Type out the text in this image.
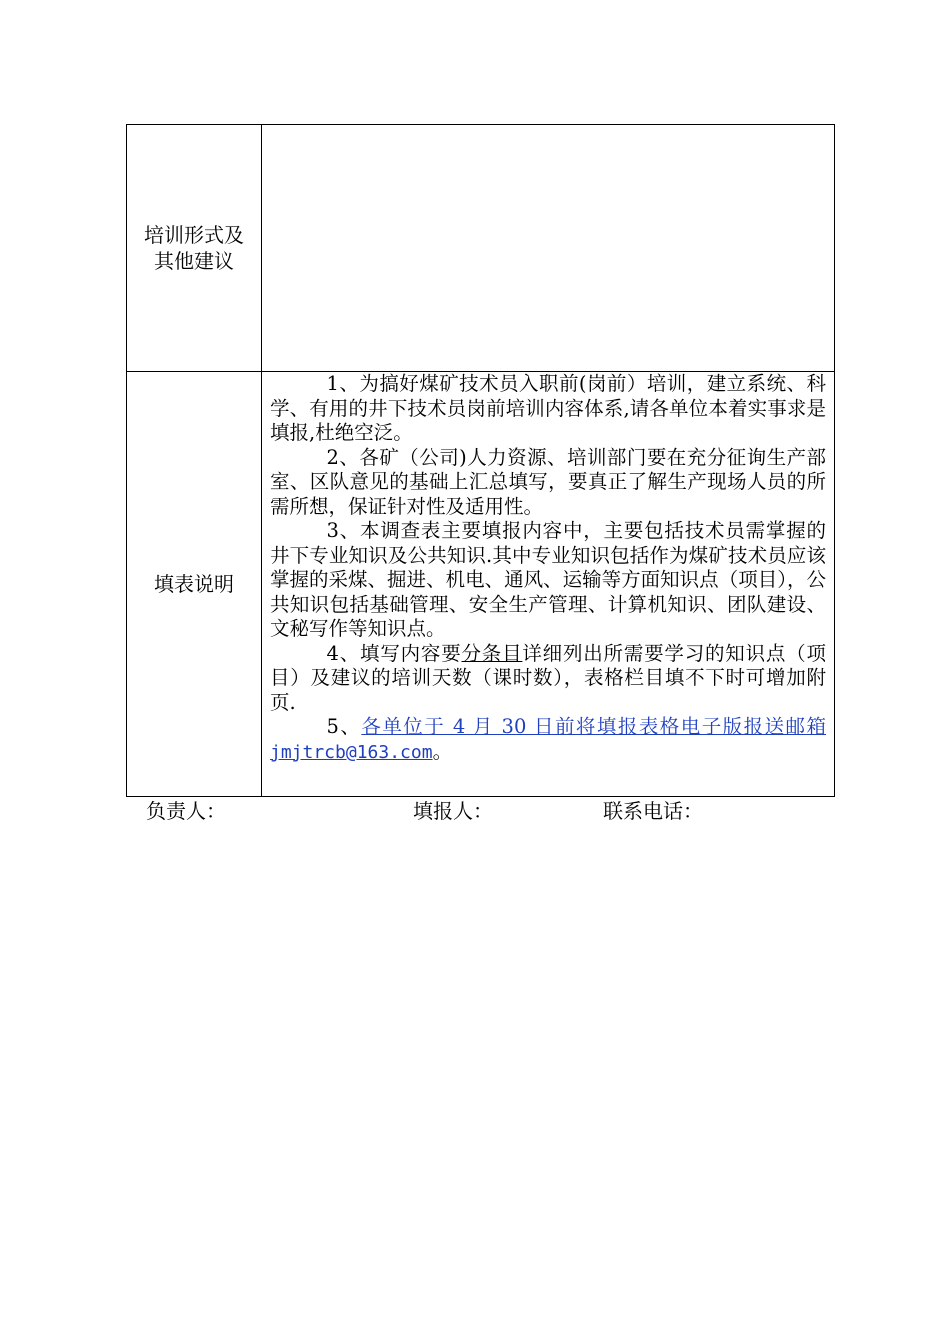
培训形式及
其他建议	

填表说明	1、为搞好煤矿技术员入职前(岗前）培训，建立系统、科学、有用的井下技术员岗前培训内容体系,请各单位本着实事求是填报,杜绝空泛。

2、各矿（公司)人力资源、培训部门要在充分征询生产部室、区队意见的基础上汇总填写，要真正了解生产现场人员的所需所想，保证针对性及适用性。

3、本调查表主要填报内容中，主要包括技术员需掌握的井下专业知识及公共知识.其中专业知识包括作为煤矿技术员应该掌握的采煤、掘进、机电、通风、运输等方面知识点（项目），公共知识包括基础管理、安全生产管理、计算机知识、团队建设、文秘写作等知识点。

4、填写内容要分条目详细列出所需要学习的知识点（项目）及建议的培训天数（课时数），表格栏目填不下时可增加附页.

5、各单位于 4 月 30 日前将填报表格电子版报送邮箱 jmjtrcb@163.com。

负责人：	填报人：	联系电话：
